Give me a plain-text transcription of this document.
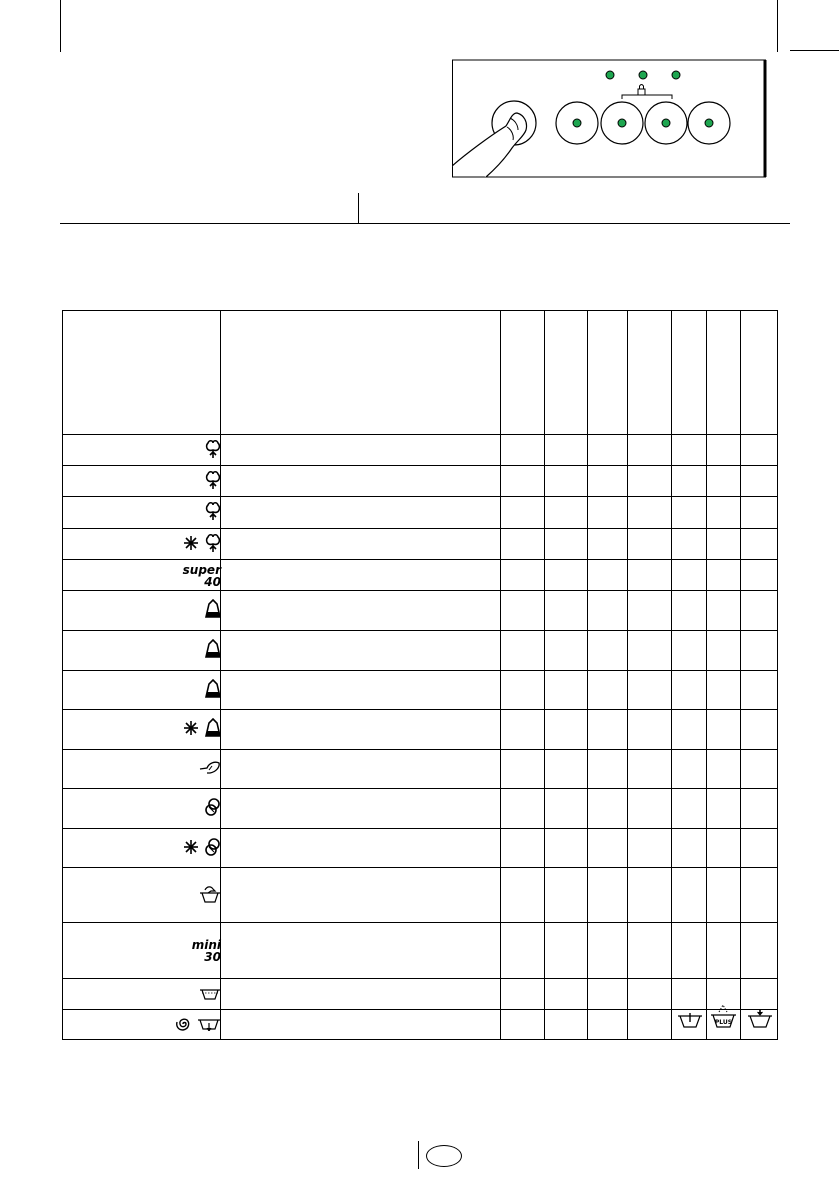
PLUS
super
40
mini
30
